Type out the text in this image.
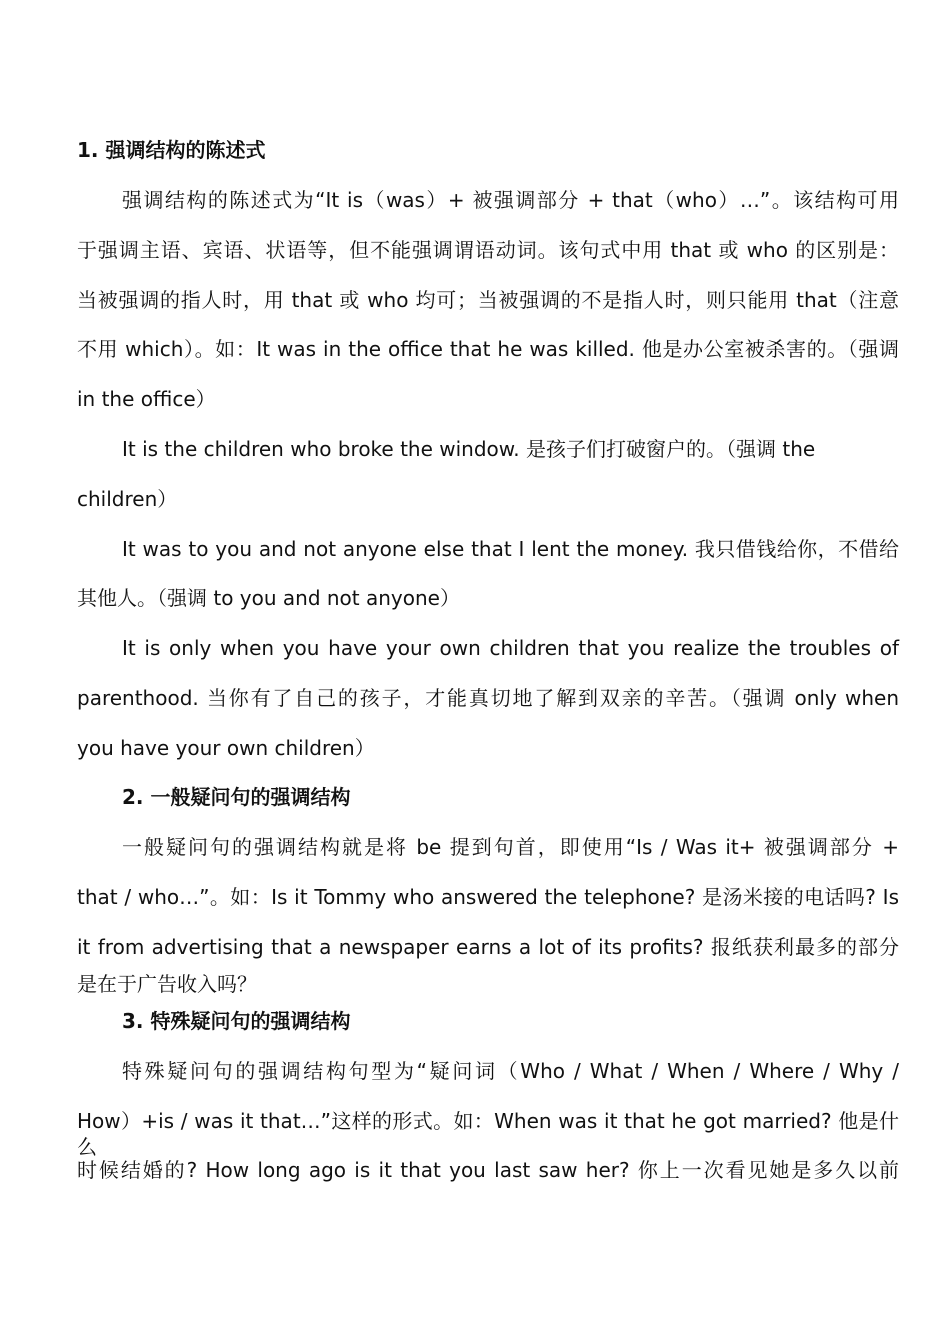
1. 强调结构的陈述式
强调结构的陈述式为“It is（was）+ 被强调部分 + that（who）…”。该结构可用
于强调主语、宾语、状语等，但不能强调谓语动词。该句式中用 that 或 who 的区别是：
当被强调的指人时，用 that 或 who 均可；当被强调的不是指人时，则只能用 that（注意
不用 which）。如：It was in the office that he was killed. 他是办公室被杀害的。（强调
in the office）
It is the children who broke the window. 是孩子们打破窗户的。（强调 the
children）
It was to you and not anyone else that I lent the money. 我只借钱给你，不借给
其他人。（强调 to you and not anyone）
It is only when you have your own children that you realize the troubles of
parenthood. 当你有了自己的孩子，才能真切地了解到双亲的辛苦。（强调 only when
you have your own children）
2. 一般疑问句的强调结构
一般疑问句的强调结构就是将 be 提到句首，即使用“Is / Was it+ 被强调部分 +
that / who…”。如：Is it Tommy who answered the telephone? 是汤米接的电话吗? Is
it from advertising that a newspaper earns a lot of its profits? 报纸获利最多的部分
是在于广告收入吗？
3. 特殊疑问句的强调结构
特殊疑问句的强调结构句型为“疑问词（Who / What / When / Where / Why /
How）+is / was it that…”这样的形式。如：When was it that he got married? 他是什么
时候结婚的? How long ago is it that you last saw her? 你上一次看见她是多久以前
